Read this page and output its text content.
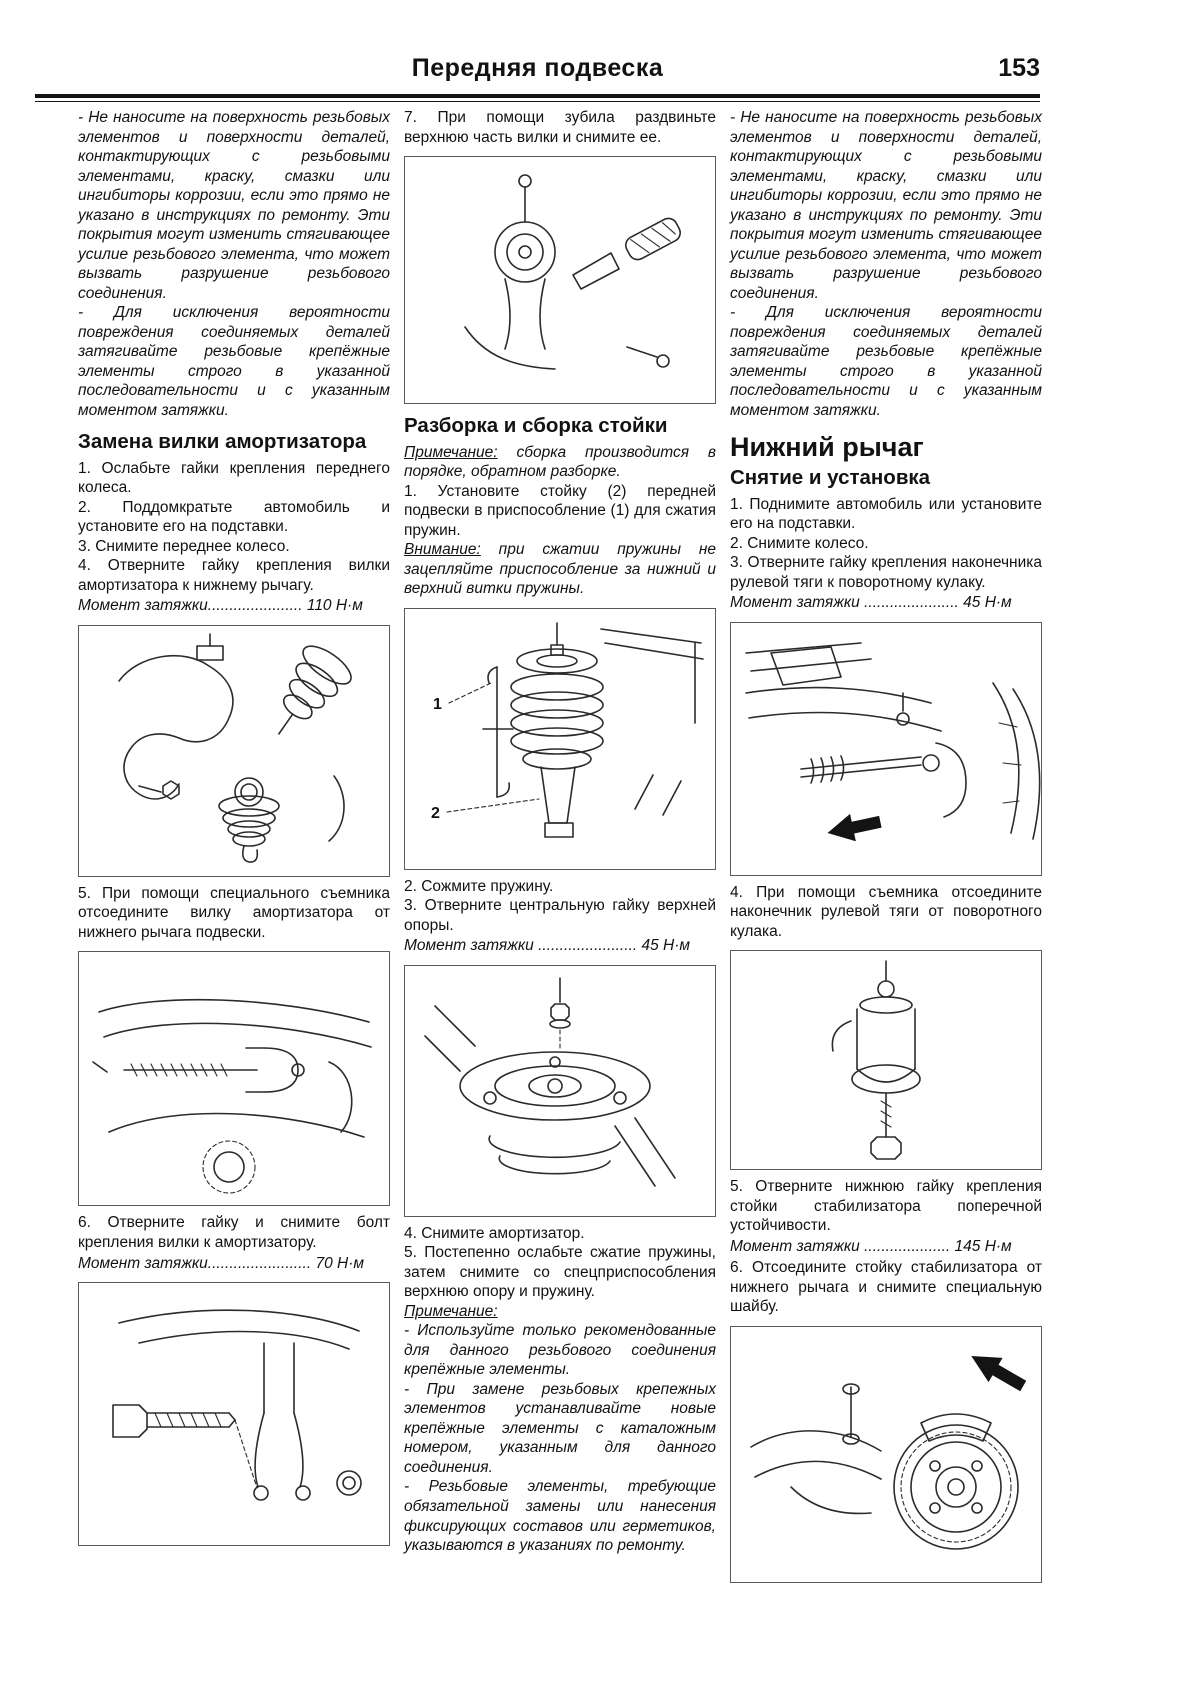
Передняя подвеска	153

- Не наносите на поверхность резьбовых элементов и поверхности деталей, контактирующих с резьбовыми элементами, краску, смазки или ингибиторы коррозии, если это прямо не указано в инструкциях по ремонту. Эти покрытия могут изменить стягивающее усилие резьбового элемента, что может вызвать разрушение резьбового соединения.

- Для исключения вероятности повреждения соединяемых деталей затягивайте резьбовые крепёжные элементы строго в указанной последовательности и с указанным моментом затяжки.

Замена вилки амортизатора

1. Ослабьте гайки крепления переднего колеса.

2. Поддомкратьте автомобиль и установите его на подставки.

3. Снимите переднее колесо.

4. Отверните гайку крепления вилки амортизатора к нижнему рычагу.

Момент затяжки...................... 110 Н·м

5. При помощи специального съемника отсоедините вилку амортизатора от нижнего рычага подвески.

6. Отверните гайку и снимите болт крепления вилки к амортизатору.

Момент затяжки........................ 70 Н·м

7. При помощи зубила раздвиньте верхнюю часть вилки и снимите ее.

Разборка и сборка стойки

Примечание: сборка производится в порядке, обратном разборке.

1. Установите стойку (2) передней подвески в приспособление (1) для сжатия пружин.

Внимание: при сжатии пружины не зацепляйте приспособление за нижний и верхний витки пружины.

1
2

2. Сожмите пружину.

3. Отверните центральную гайку верхней опоры.

Момент затяжки ....................... 45 Н·м

4. Снимите амортизатор.

5. Постепенно ослабьте сжатие пружины, затем снимите со спецприспособления верхнюю опору и пружину.

Примечание:

- Используйте только рекомендованные для данного резьбового соединения крепёжные элементы.

- При замене резьбовых крепежных элементов устанавливайте новые крепёжные элементы с каталожным номером, указанным для данного соединения.

- Резьбовые элементы, требующие обязательной замены или нанесения фиксирующих составов или герметиков, указываются в указаниях по ремонту.

- Не наносите на поверхность резьбовых элементов и поверхности деталей, контактирующих с резьбовыми элементами, краску, смазки или ингибиторы коррозии, если это прямо не указано в инструкциях по ремонту. Эти покрытия могут изменить стягивающее усилие резьбового элемента, что может вызвать разрушение резьбового соединения.

- Для исключения вероятности повреждения соединяемых деталей затягивайте резьбовые крепёжные элементы строго в указанной последовательности и с указанным моментом затяжки.

Нижний рычаг

Снятие и установка

1. Поднимите автомобиль или установите его на подставки.

2. Снимите колесо.

3. Отверните гайку крепления наконечника рулевой тяги к поворотному кулаку.

Момент затяжки ...................... 45 Н·м

4. При помощи съемника отсоедините наконечник рулевой тяги от поворотного кулака.

5. Отверните нижнюю гайку крепления стойки стабилизатора поперечной устойчивости.

Момент затяжки .................... 145 Н·м

6. Отсоедините стойку стабилизатора от нижнего рычага и снимите специальную шайбу.
